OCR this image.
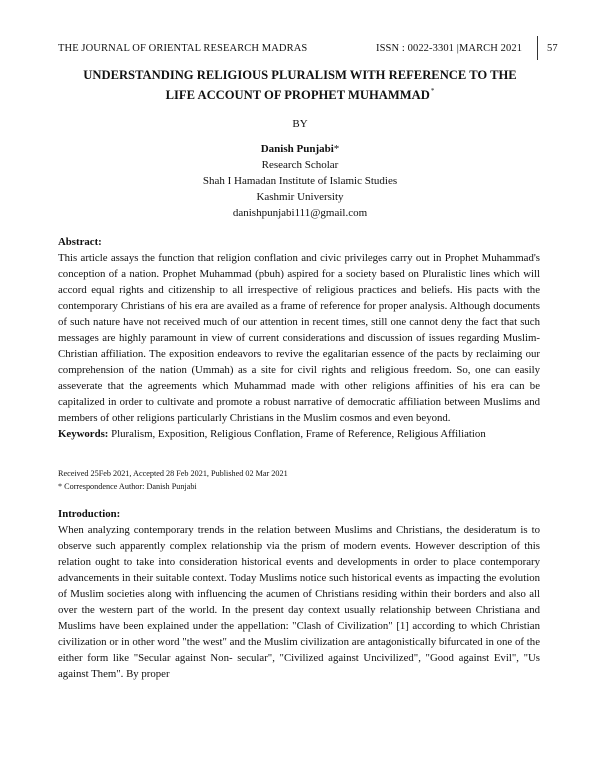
THE JOURNAL OF ORIENTAL RESEARCH MADRAS	ISSN : 0022-3301 |MARCH 2021 57
UNDERSTANDING RELIGIOUS PLURALISM WITH REFERENCE TO THE
LIFE ACCOUNT OF PROPHET MUHAMMAD*
BY
Danish Punjabi*
Research Scholar
Shah I Hamadan Institute of Islamic Studies
Kashmir University
danishpunjabi111@gmail.com
Abstract:

This article assays the function that religion conflation and civic privileges carry out in Prophet Muhammad's conception of a nation. Prophet Muhammad (pbuh) aspired for a society based on Pluralistic lines which will accord equal rights and citizenship to all irrespective of religious practices and beliefs. His pacts with the contemporary Christians of his era are availed as a frame of reference for proper analysis. Although documents of such nature have not received much of our attention in recent times, still one cannot deny the fact that such messages are highly paramount in view of current considerations and discussion of issues regarding Muslim-Christian affiliation. The exposition endeavors to revive the egalitarian essence of the pacts by reclaiming our comprehension of the nation (Ummah) as a site for civil rights and religious freedom. So, one can easily asseverate that the agreements which Muhammad made with other religions affinities of his era can be capitalized in order to cultivate and promote a robust narrative of democratic affiliation between Muslims and members of other religions particularly Christians in the Muslim cosmos and even beyond.

Keywords: Pluralism, Exposition, Religious Conflation, Frame of Reference, Religious Affiliation
Received 25Feb 2021, Accepted 28 Feb 2021, Published 02 Mar 2021
* Correspondence Author: Danish Punjabi
Introduction:

When analyzing contemporary trends in the relation between Muslims and Christians, the desideratum is to observe such apparently complex relationship via the prism of modern events. However description of this relation ought to take into consideration historical events and developments in order to place contemporary advancements in their suitable context. Today Muslims notice such historical events as impacting the evolution of Muslim societies along with influencing the acumen of Christians residing within their borders and also all over the western part of the world. In the present day context usually relationship between Christiana and Muslims have been explained under the appellation: "Clash of Civilization" [1] according to which Christian civilization or in other word "the west" and the Muslim civilization are antagonistically bifurcated in one of the either form like "Secular against Non- secular", "Civilized against Uncivilized", "Good against Evil", "Us against Them". By proper
